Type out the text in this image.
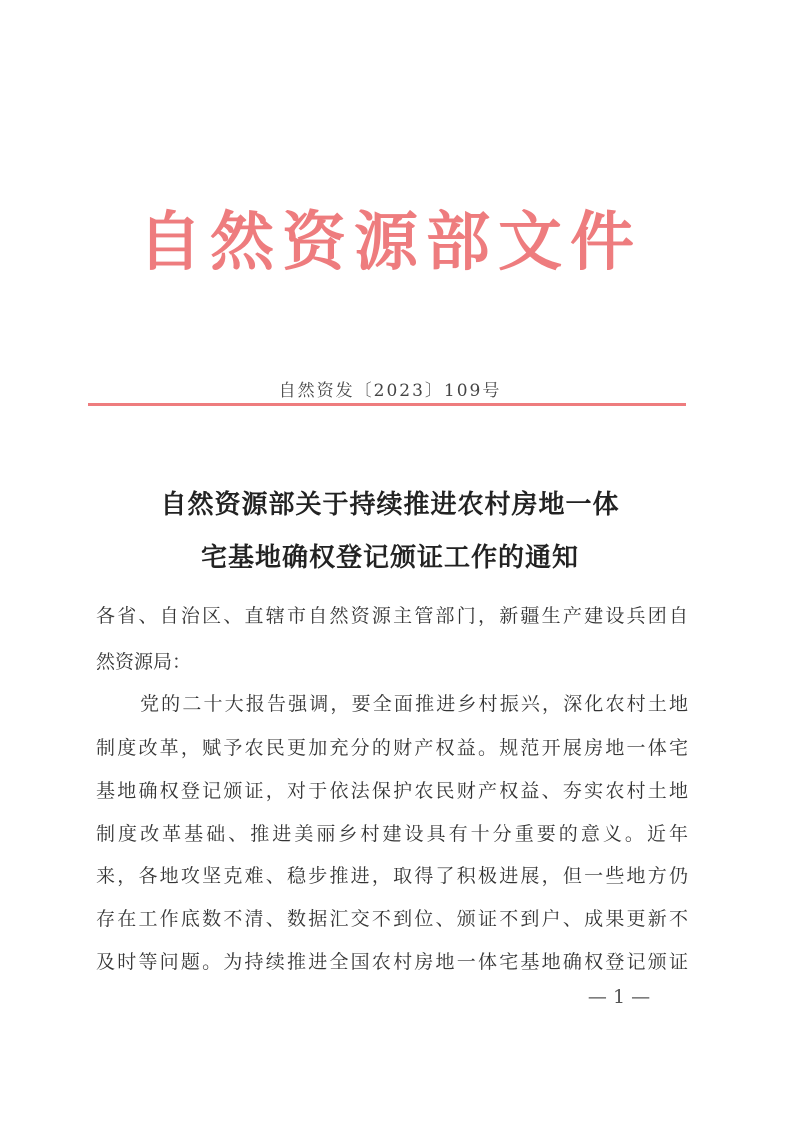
自然资源部文件
自然资发〔2023〕109号
自然资源部关于持续推进农村房地一体
宅基地确权登记颁证工作的通知
各省、自治区、直辖市自然资源主管部门，新疆生产建设兵团自
然资源局：
党的二十大报告强调，要全面推进乡村振兴，深化农村土地
制度改革，赋予农民更加充分的财产权益。规范开展房地一体宅
基地确权登记颁证，对于依法保护农民财产权益、夯实农村土地
制度改革基础、推进美丽乡村建设具有十分重要的意义。近年
来，各地攻坚克难、稳步推进，取得了积极进展，但一些地方仍
存在工作底数不清、数据汇交不到位、颁证不到户、成果更新不
及时等问题。为持续推进全国农村房地一体宅基地确权登记颁证
— 1 —
